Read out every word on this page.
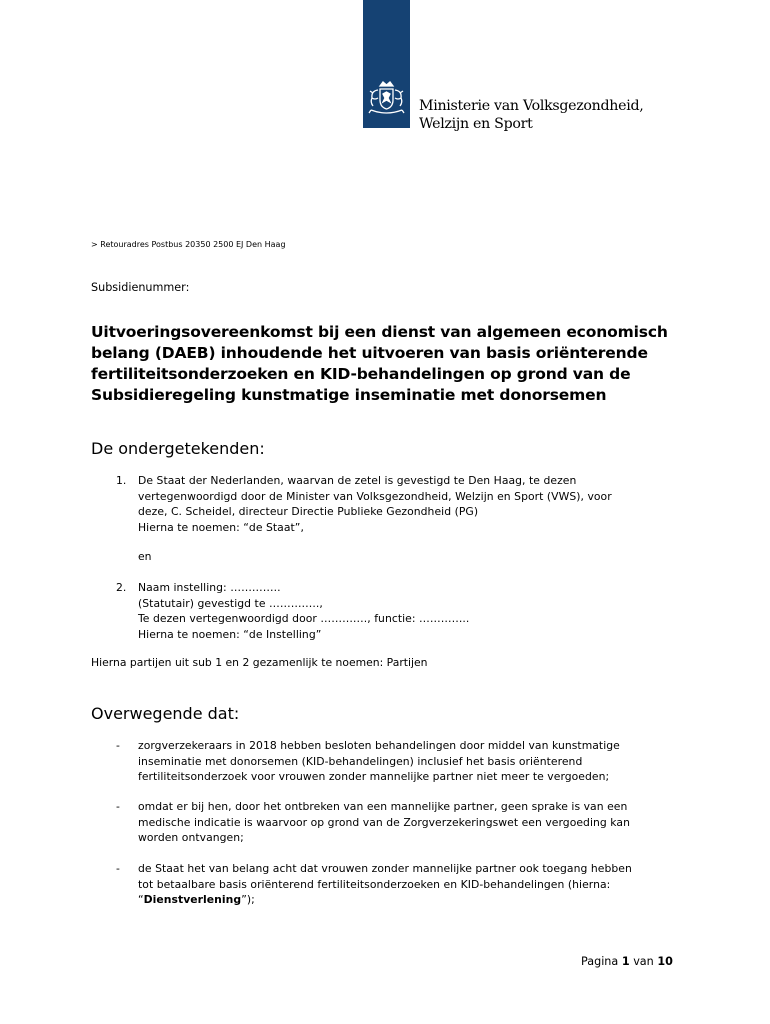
Ministerie van Volksgezondheid,
Welzijn en Sport
> Retouradres Postbus 20350 2500 EJ Den Haag
Subsidienummer:
Uitvoeringsovereenkomst bij een dienst van algemeen economisch
belang (DAEB) inhoudende het uitvoeren van basis oriënterende
fertiliteitsonderzoeken en KID-behandelingen op grond van de
Subsidieregeling kunstmatige inseminatie met donorsemen
De ondergetekenden:
1. De Staat der Nederlanden, waarvan de zetel is gevestigd te Den Haag, te dezen
vertegenwoordigd door de Minister van Volksgezondheid, Welzijn en Sport (VWS), voor
deze, C. Scheidel, directeur Directie Publieke Gezondheid (PG)
Hierna te noemen: “de Staat”,
en
2. Naam instelling: …………..
(Statutair) gevestigd te …………..,
Te dezen vertegenwoordigd door …………., functie: …………..
Hierna te noemen: “de Instelling”
Hierna partijen uit sub 1 en 2 gezamenlijk te noemen: Partijen
Overwegende dat:
- zorgverzekeraars in 2018 hebben besloten behandelingen door middel van kunstmatige
inseminatie met donorsemen (KID-behandelingen) inclusief het basis oriënterend
fertiliteitsonderzoek voor vrouwen zonder mannelijke partner niet meer te vergoeden;
- omdat er bij hen, door het ontbreken van een mannelijke partner, geen sprake is van een
medische indicatie is waarvoor op grond van de Zorgverzekeringswet een vergoeding kan
worden ontvangen;
- de Staat het van belang acht dat vrouwen zonder mannelijke partner ook toegang hebben
tot betaalbare basis oriënterend fertiliteitsonderzoeken en KID-behandelingen (hierna:
“Dienstverlening”);
Pagina 1 van 10
